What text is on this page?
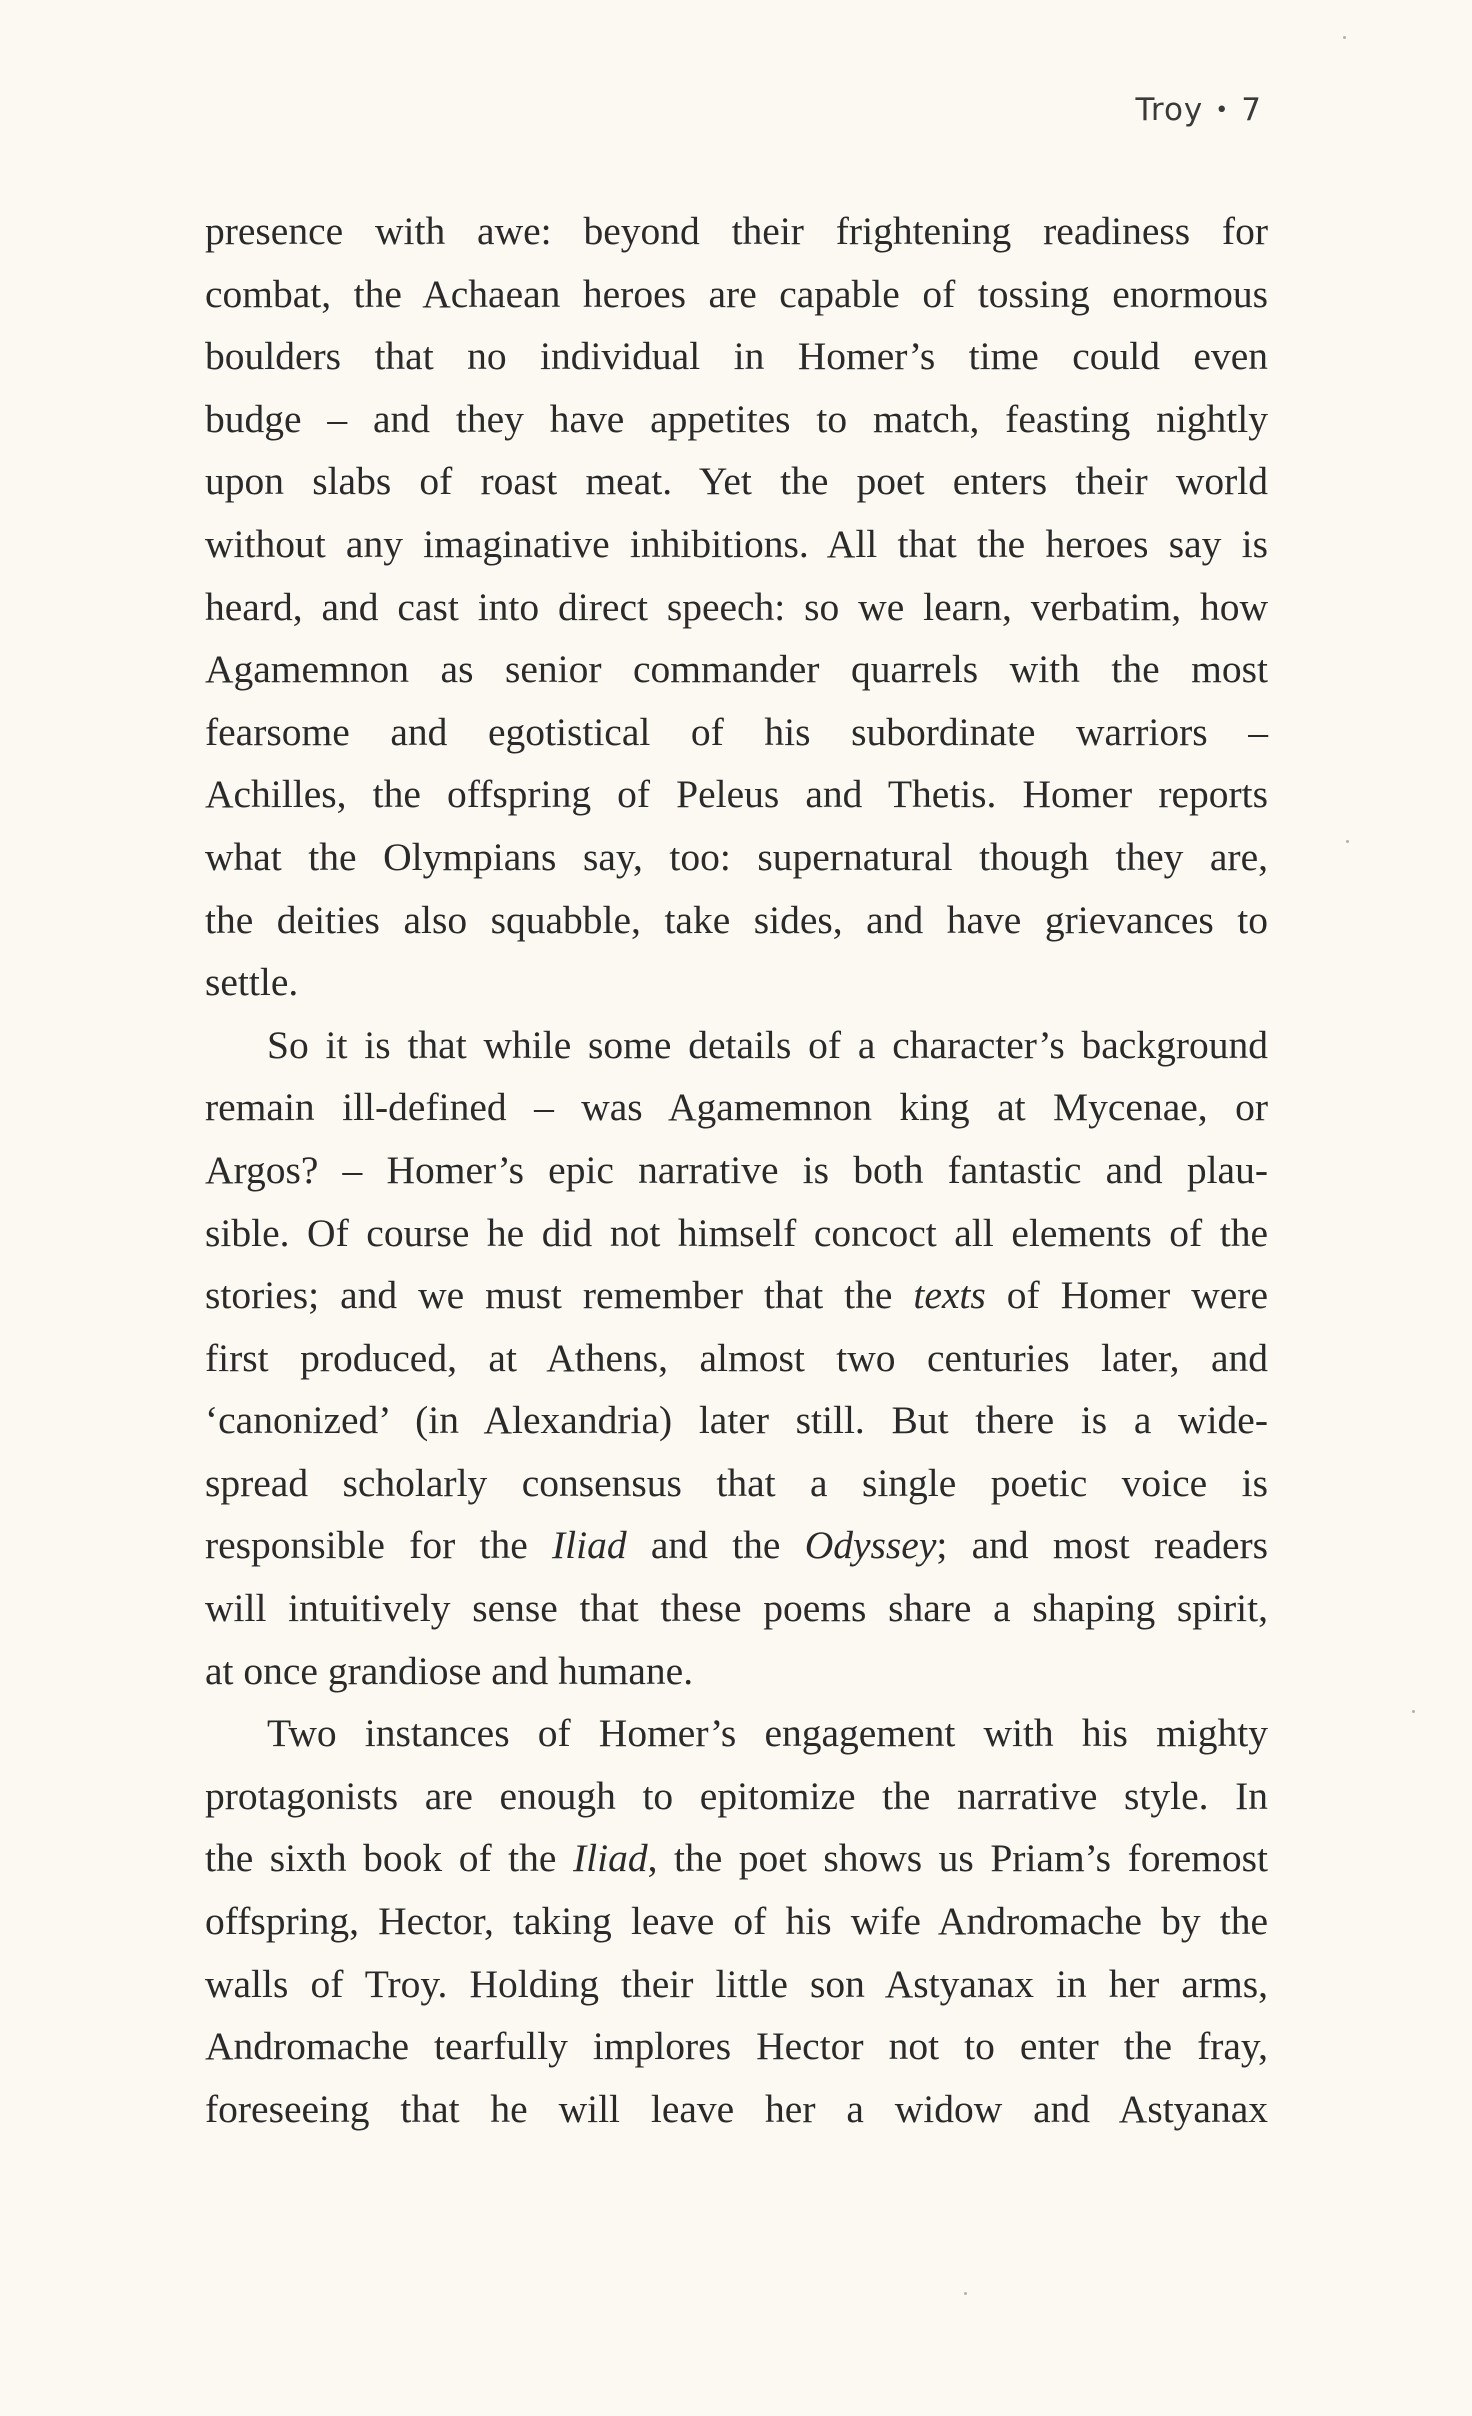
Troy • 7
presence with awe: beyond their frightening readiness for
combat, the Achaean heroes are capable of tossing enormous
boulders that no individual in Homer’s time could even
budge – and they have appetites to match, feasting nightly
upon slabs of roast meat. Yet the poet enters their world
without any imaginative inhibitions. All that the heroes say is
heard, and cast into direct speech: so we learn, verbatim, how
Agamemnon as senior commander quarrels with the most
fearsome and egotistical of his subordinate warriors –
Achilles, the offspring of Peleus and Thetis. Homer reports
what the Olympians say, too: supernatural though they are,
the deities also squabble, take sides, and have grievances to
settle.
So it is that while some details of a character’s background
remain ill-defined – was Agamemnon king at Mycenae, or
Argos? – Homer’s epic narrative is both fantastic and plau-
sible. Of course he did not himself concoct all elements of the
stories; and we must remember that the texts of Homer were
first produced, at Athens, almost two centuries later, and
‘canonized’ (in Alexandria) later still. But there is a wide-
spread scholarly consensus that a single poetic voice is
responsible for the Iliad and the Odyssey; and most readers
will intuitively sense that these poems share a shaping spirit,
at once grandiose and humane.
Two instances of Homer’s engagement with his mighty
protagonists are enough to epitomize the narrative style. In
the sixth book of the Iliad, the poet shows us Priam’s foremost
offspring, Hector, taking leave of his wife Andromache by the
walls of Troy. Holding their little son Astyanax in her arms,
Andromache tearfully implores Hector not to enter the fray,
foreseeing that he will leave her a widow and Astyanax
